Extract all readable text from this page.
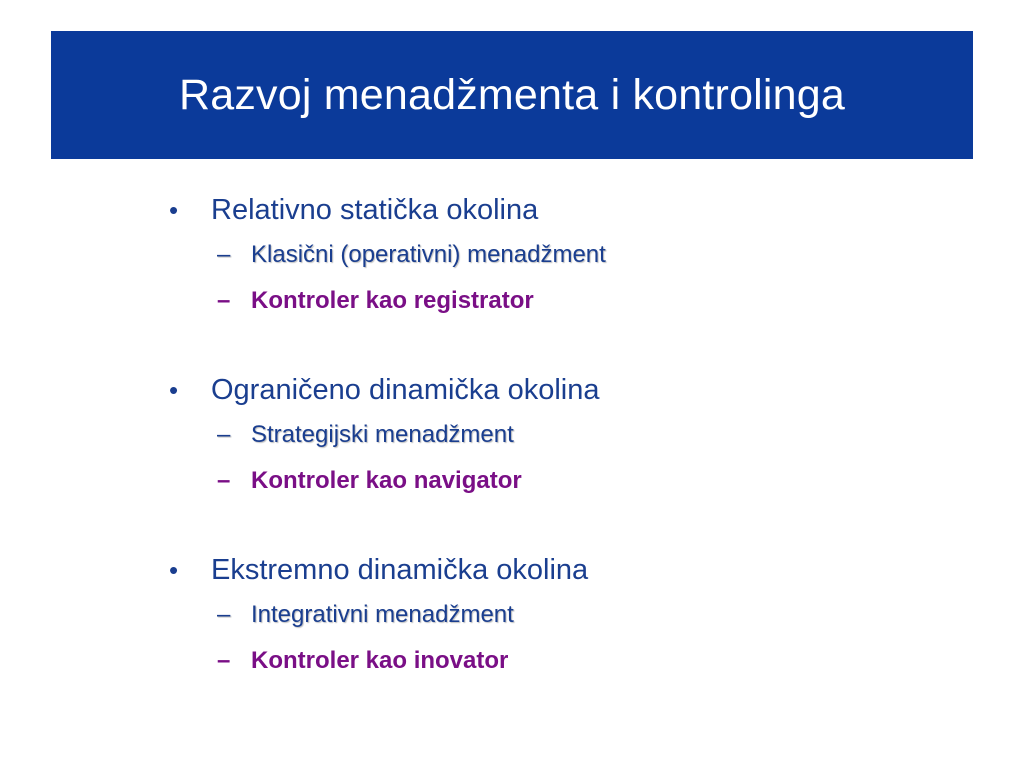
Razvoj menadžmenta i kontrolinga
•	Relativno statička okolina
– Klasični (operativni) menadžment
– Kontroler kao registrator
•	Ograničeno dinamička okolina
– Strategijski menadžment
– Kontroler kao navigator
•	Ekstremno dinamička okolina
– Integrativni menadžment
– Kontroler kao inovator
